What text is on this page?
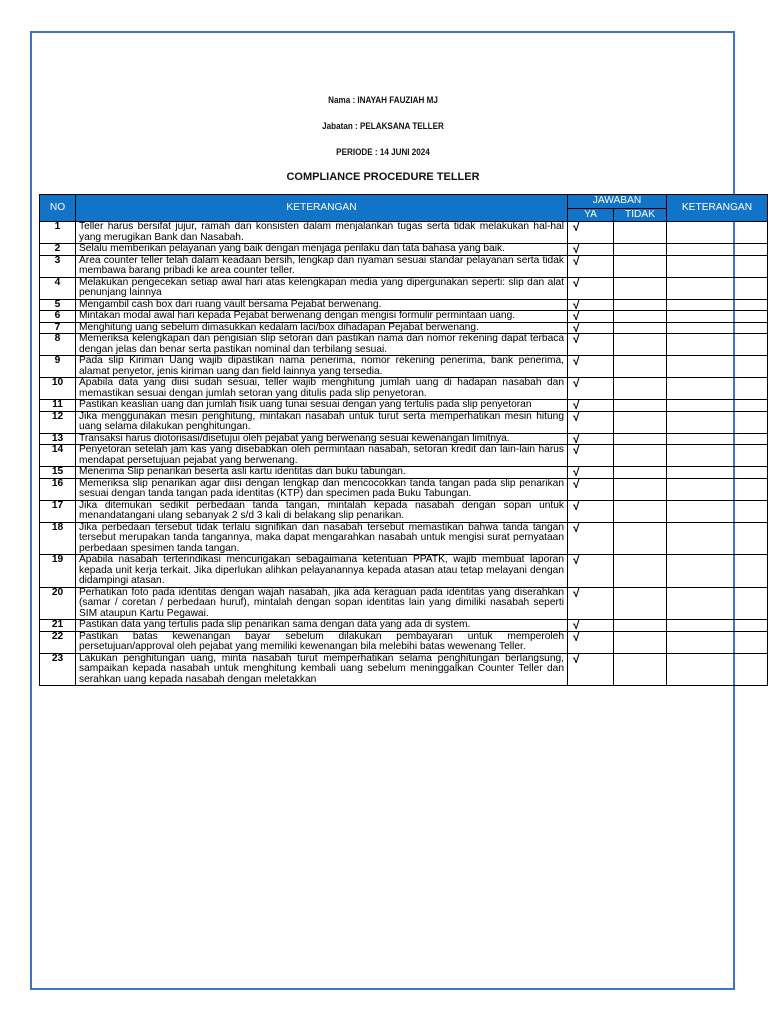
Nama : INAYAH FAUZIAH MJ
Jabatan : PELAKSANA TELLER
PERIODE : 14 JUNI 2024
COMPLIANCE PROCEDURE TELLER
NO	KETERANGAN	JAWABAN		KETERANGAN
		YA	TIDAK	
1	Teller harus bersifat jujur, ramah dan konsisten dalam menjalankan tugas serta tidak melakukan hal-hal yang merugikan Bank dan Nasabah.	√		
2	Selalu memberikan pelayanan yang baik dengan menjaga perilaku dan tata bahasa yang baik.	√		
3	Area counter teller telah dalam keadaan bersih, lengkap dan nyaman sesuai standar pelayanan serta tidak membawa barang pribadi ke area counter teller.	√		
4	Melakukan pengecekan setiap awal hari atas kelengkapan media yang dipergunakan seperti: slip dan alat penunjang lainnya	√		
5	Mengambil cash box dari ruang vault bersama Pejabat berwenang.	√		
6	Mintakan modal awal hari kepada Pejabat berwenang dengan mengisi formulir permintaan uang.	√		
7	Menghitung uang sebelum dimasukkan kedalam laci/box dihadapan Pejabat berwenang.	√		
8	Memeriksa kelengkapan dan pengisian slip setoran dan pastikan nama dan nomor rekening dapat terbaca dengan jelas dan benar serta pastikan nominal dan terbilang sesuai.	√		
9	Pada slip Kiriman Uang wajib dipastikan nama penerima, nomor rekening penerima, bank penerima, alamat penyetor, jenis kiriman uang dan field lainnya yang tersedia.	√		
10	Apabila data yang diisi sudah sesuai, teller wajib menghitung jumlah uang di hadapan nasabah dan memastikan sesuai dengan jumlah setoran yang ditulis pada slip penyetoran.	√		
11	Pastikan keaslian uang dan jumlah fisik uang tunai sesuai dengan yang tertulis pada slip penyetoran	√		
12	Jika menggunakan mesin penghitung, mintakan nasabah untuk turut serta memperhatikan mesin hitung uang selama dilakukan penghitungan.	√		
13	Transaksi harus diotorisasi/disetujui oleh pejabat yang berwenang sesuai kewenangan limitnya.	√		
14	Penyetoran setelah jam kas yang disebabkan oleh permintaan nasabah, setoran kredit dan lain-lain harus mendapat persetujuan pejabat yang berwenang.	√		
15	Menerima Slip penarikan beserta asli kartu identitas dan buku tabungan.	√		
16	Memeriksa slip penarikan agar diisi dengan lengkap dan mencocokkan tanda tangan pada slip penarikan sesuai dengan tanda tangan pada identitas (KTP) dan specimen pada Buku Tabungan.	√		
17	Jika ditemukan sedikit perbedaan tanda tangan, mintalah kepada nasabah dengan sopan untuk menandatangani ulang sebanyak 2 s/d 3 kali di belakang slip penarikan.	√		
18	Jika perbedaan tersebut tidak terlalu signifikan dan nasabah tersebut memastikan bahwa tanda tangan tersebut merupakan tanda tangannya, maka dapat mengarahkan nasabah untuk mengisi surat pernyataan perbedaan spesimen tanda tangan.	√		
19	Apabila nasabah terterindikasi mencurigakan sebagaimana ketentuan PPATK, wajib membuat laporan kepada unit kerja terkait. Jika diperlukan alihkan pelayanannya kepada atasan atau tetap melayani dengan didampingi atasan.	√		
20	Perhatikan foto pada identitas dengan wajah nasabah, jika ada keraguan pada identitas yang diserahkan (samar / coretan / perbedaan huruf), mintalah dengan sopan identitas lain yang dimiliki nasabah seperti SIM ataupun Kartu Pegawai.	√		
21	Pastikan data yang tertulis pada slip penarikan sama dengan data yang ada di system.	√		
22	Pastikan batas kewenangan bayar sebelum dilakukan pembayaran untuk memperoleh persetujuan/approval oleh pejabat yang memiliki kewenangan bila melebihi batas wewenang Teller.	√		
23	Lakukan penghitungan uang, minta nasabah turut memperhatikan selama penghitungan berlangsung, sampaikan kepada nasabah untuk menghitung kembali uang sebelum meninggalkan Counter Teller dan serahkan uang kepada nasabah dengan meletakkan	√		
